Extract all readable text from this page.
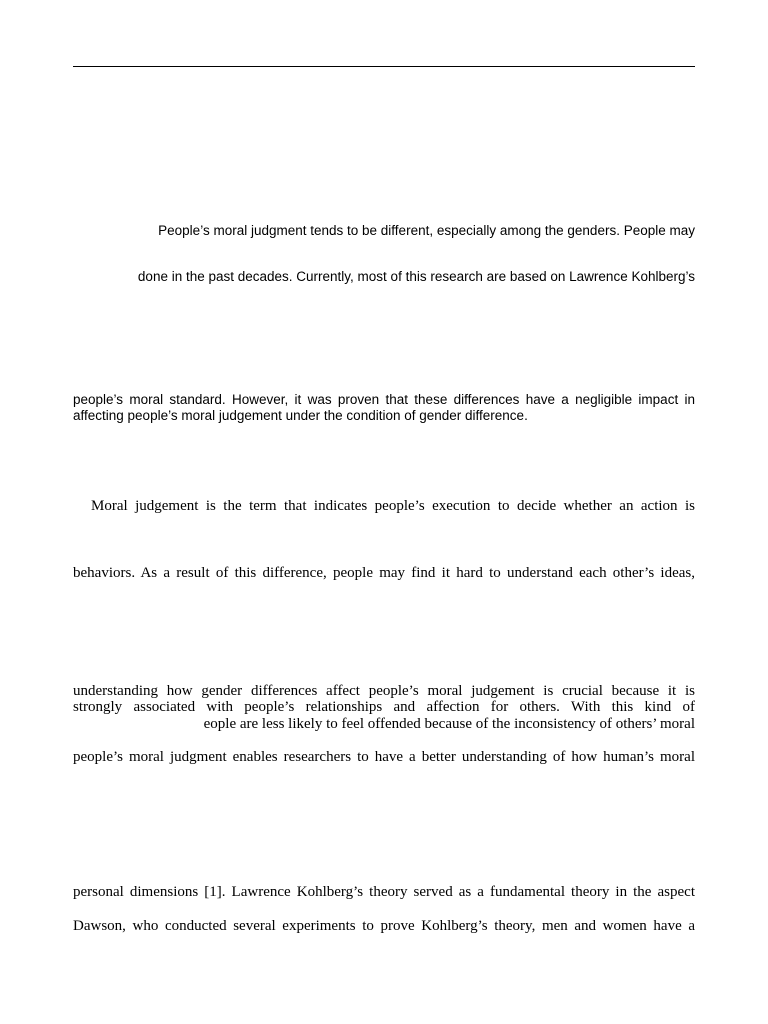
People’s moral judgment tends to be different, especially among the genders. People may

done in the past decades. Currently, most of this research are based on Lawrence Kohlberg’s

people’s moral standard. However, it was proven that these differences have a negligible impact in

affecting people’s moral judgement under the condition of gender difference.

Moral judgement is the term that indicates people’s execution to decide whether an action is

behaviors. As a result of this difference, people may find it hard to understand each other’s ideas,

understanding how gender differences affect people’s moral judgement is crucial because it is

strongly associated with people’s relationships and affection for others. With this kind of

eople are less likely to feel offended because of the inconsistency of others’ moral

people’s moral judgment enables researchers to have a better understanding of how human’s moral

personal dimensions [1]. Lawrence Kohlberg’s theory served as a fundamental theory in the aspect

Dawson, who conducted several experiments to prove Kohlberg’s theory, men and women have a
